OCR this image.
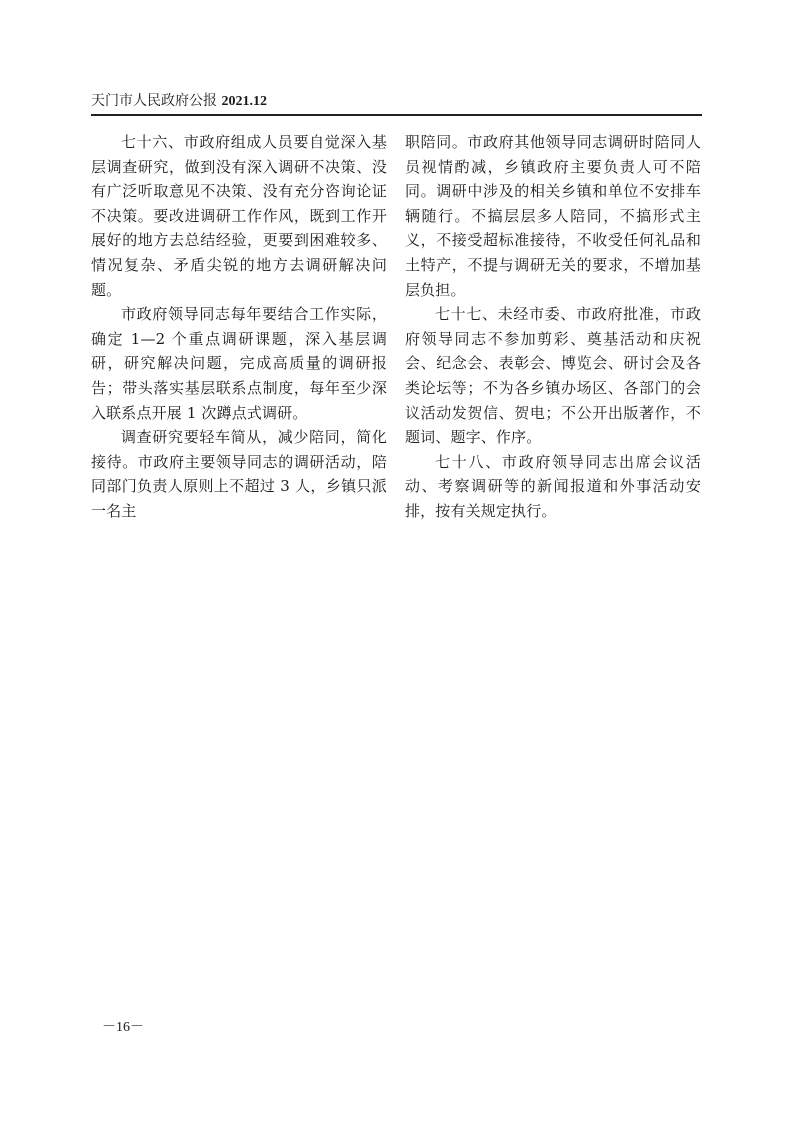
天门市人民政府公报 2021.12

七十六、市政府组成人员要自觉深入基层调查研究，做到没有深入调研不决策、没有广泛听取意见不决策、没有充分咨询论证不决策。要改进调研工作作风，既到工作开展好的地方去总结经验，更要到困难较多、情况复杂、矛盾尖锐的地方去调研解决问题。

市政府领导同志每年要结合工作实际，确定 1—2 个重点调研课题，深入基层调研，研究解决问题，完成高质量的调研报告；带头落实基层联系点制度，每年至少深入联系点开展 1 次蹲点式调研。

调查研究要轻车简从，减少陪同，简化接待。市政府主要领导同志的调研活动，陪同部门负责人原则上不超过 3 人，乡镇只派一名主

职陪同。市政府其他领导同志调研时陪同人员视情酌减，乡镇政府主要负责人可不陪同。调研中涉及的相关乡镇和单位不安排车辆随行。不搞层层多人陪同，不搞形式主义，不接受超标准接待，不收受任何礼品和土特产，不提与调研无关的要求，不增加基层负担。

七十七、未经市委、市政府批准，市政府领导同志不参加剪彩、奠基活动和庆祝会、纪念会、表彰会、博览会、研讨会及各类论坛等；不为各乡镇办场区、各部门的会议活动发贺信、贺电；不公开出版著作，不题词、题字、作序。

七十八、市政府领导同志出席会议活动、考察调研等的新闻报道和外事活动安排，按有关规定执行。

－16－
